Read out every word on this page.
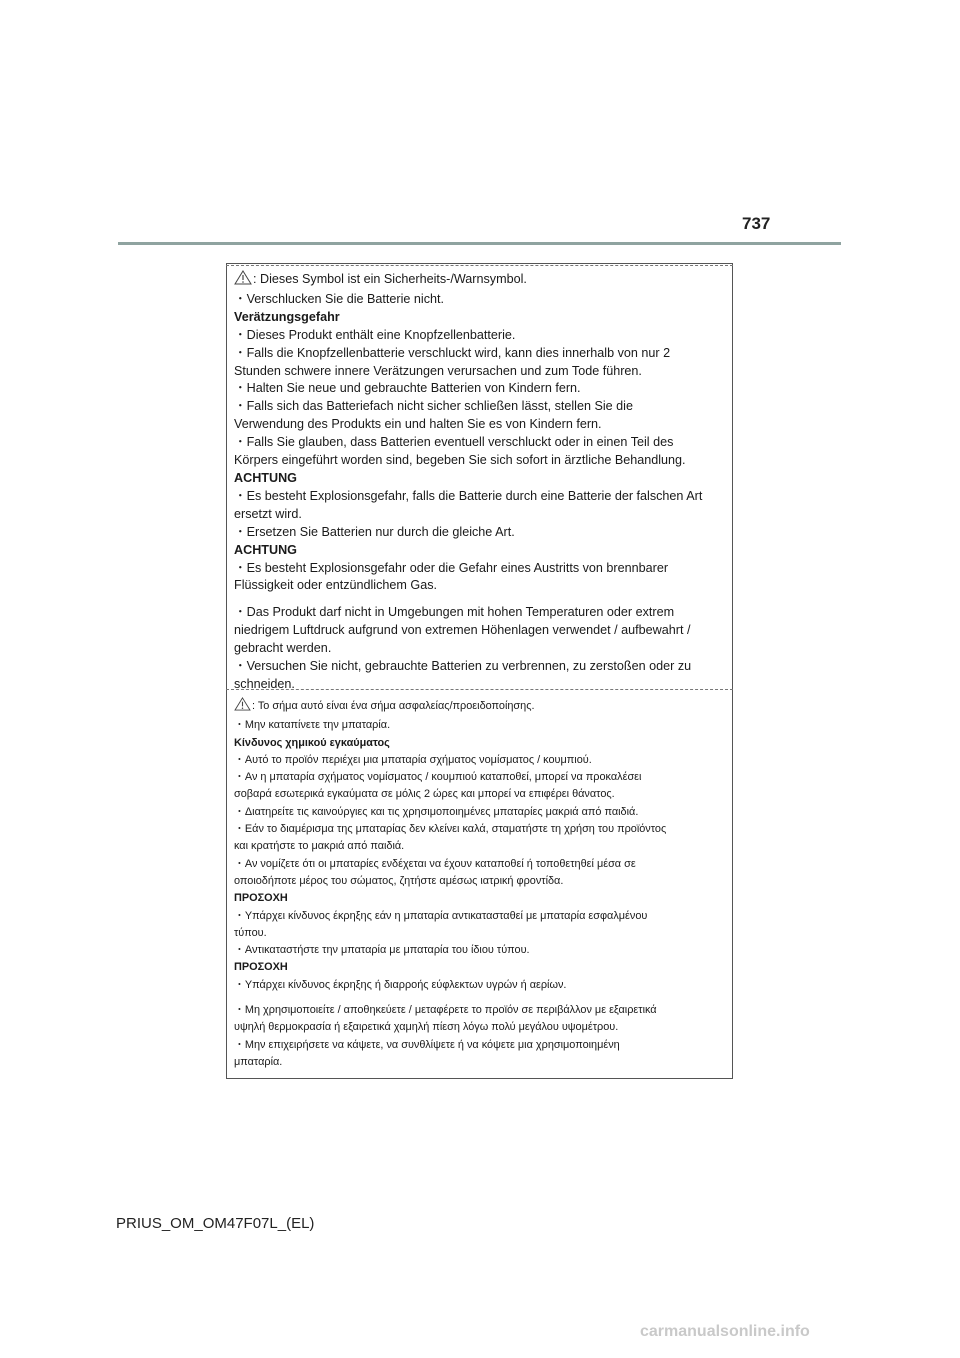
737
: Dieses Symbol ist ein Sicherheits-/Warnsymbol.
・Verschlucken Sie die Batterie nicht.
Verätzungsgefahr
・Dieses Produkt enthält eine Knopfzellenbatterie.
・Falls die Knopfzellenbatterie verschluckt wird, kann dies innerhalb von nur 2
Stunden schwere innere Verätzungen verursachen und zum Tode führen.
・Halten Sie neue und gebrauchte Batterien von Kindern fern.
・Falls sich das Batteriefach nicht sicher schließen lässt, stellen Sie die
Verwendung des Produkts ein und halten Sie es von Kindern fern.
・Falls Sie glauben, dass Batterien eventuell verschluckt oder in einen Teil des
Körpers eingeführt worden sind, begeben Sie sich sofort in ärztliche Behandlung.
ACHTUNG
・Es besteht Explosionsgefahr, falls die Batterie durch eine Batterie der falschen Art
ersetzt wird.
・Ersetzen Sie Batterien nur durch die gleiche Art.
ACHTUNG
・Es besteht Explosionsgefahr oder die Gefahr eines Austritts von brennbarer
Flüssigkeit oder entzündlichem Gas.
・Das Produkt darf nicht in Umgebungen mit hohen Temperaturen oder extrem
niedrigem Luftdruck aufgrund von extremen Höhenlagen verwendet / aufbewahrt /
gebracht werden.
・Versuchen Sie nicht, gebrauchte Batterien zu verbrennen, zu zerstoßen oder zu
schneiden.
: Το σήμα αυτό είναι ένα σήμα ασφαλείας/προειδοποίησης.
・Μην καταπίνετε την μπαταρία.
Κίνδυνος χημικού εγκαύματος
・Αυτό το προϊόν περιέχει μια μπαταρία σχήματος νομίσματος / κουμπιού.
・Αν η μπαταρία σχήματος νομίσματος / κουμπιού καταποθεί, μπορεί να προκαλέσει
σοβαρά εσωτερικά εγκαύματα σε μόλις 2 ώρες και μπορεί να επιφέρει θάνατος.
・Διατηρείτε τις καινούργιες και τις χρησιμοποιημένες μπαταρίες μακριά από παιδιά.
・Εάν το διαμέρισμα της μπαταρίας δεν κλείνει καλά, σταματήστε τη χρήση του προϊόντος
και κρατήστε το μακριά από παιδιά.
・Αν νομίζετε ότι οι μπαταρίες ενδέχεται να έχουν καταποθεί ή τοποθετηθεί μέσα σε
οποιοδήποτε μέρος του σώματος, ζητήστε αμέσως ιατρική φροντίδα.
ΠΡΟΣΟΧΗ
・Υπάρχει κίνδυνος έκρηξης εάν η μπαταρία αντικατασταθεί με μπαταρία εσφαλμένου
τύπου.
・Αντικαταστήστε την μπαταρία με μπαταρία του ίδιου τύπου.
ΠΡΟΣΟΧΗ
・Υπάρχει κίνδυνος έκρηξης ή διαρροής εύφλεκτων υγρών ή αερίων.
・Μη χρησιμοποιείτε / αποθηκεύετε / μεταφέρετε το προϊόν σε περιβάλλον με εξαιρετικά
υψηλή θερμοκρασία ή εξαιρετικά χαμηλή πίεση λόγω πολύ μεγάλου υψομέτρου.
・Μην επιχειρήσετε να κάψετε, να συνθλίψετε ή να κόψετε μια χρησιμοποιημένη
μπαταρία.
PRIUS_OM_OM47F07L_(EL)
carmanualsonline.info
